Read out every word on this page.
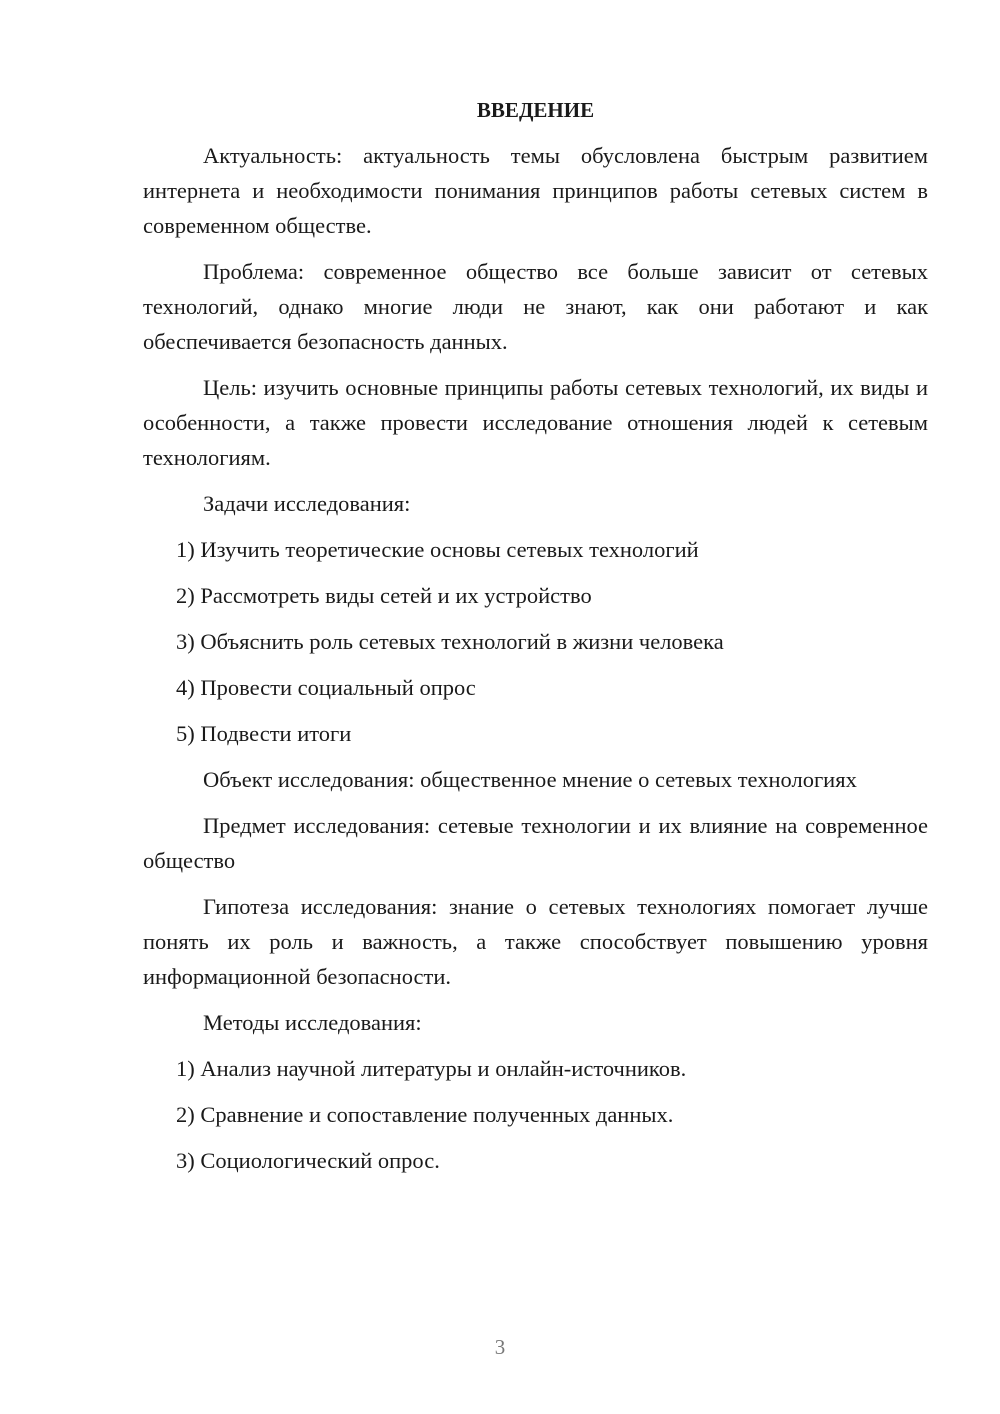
ВВЕДЕНИЕ

Актуальность: актуальность темы обусловлена быстрым развитием интернета и необходимости понимания принципов работы сетевых систем в современном обществе.

Проблема: современное общество все больше зависит от сетевых технологий, однако многие люди не знают, как они работают и как обеспечивается безопасность данных.

Цель: изучить основные принципы работы сетевых технологий, их виды и особенности, а также провести исследование отношения людей к сетевым технологиям.

Задачи исследования:

1) Изучить теоретические основы сетевых технологий
2) Рассмотреть виды сетей и их устройство
3) Объяснить роль сетевых технологий в жизни человека
4) Провести социальный опрос
5) Подвести итоги

Объект исследования: общественное мнение о сетевых технологиях

Предмет исследования: сетевые технологии и их влияние на современное общество

Гипотеза исследования: знание о сетевых технологиях помогает лучше понять их роль и важность, а также способствует повышению уровня информационной безопасности.

Методы исследования:

1) Анализ научной литературы и онлайн-источников.
2) Сравнение и сопоставление полученных данных.
3) Социологический опрос.
3
